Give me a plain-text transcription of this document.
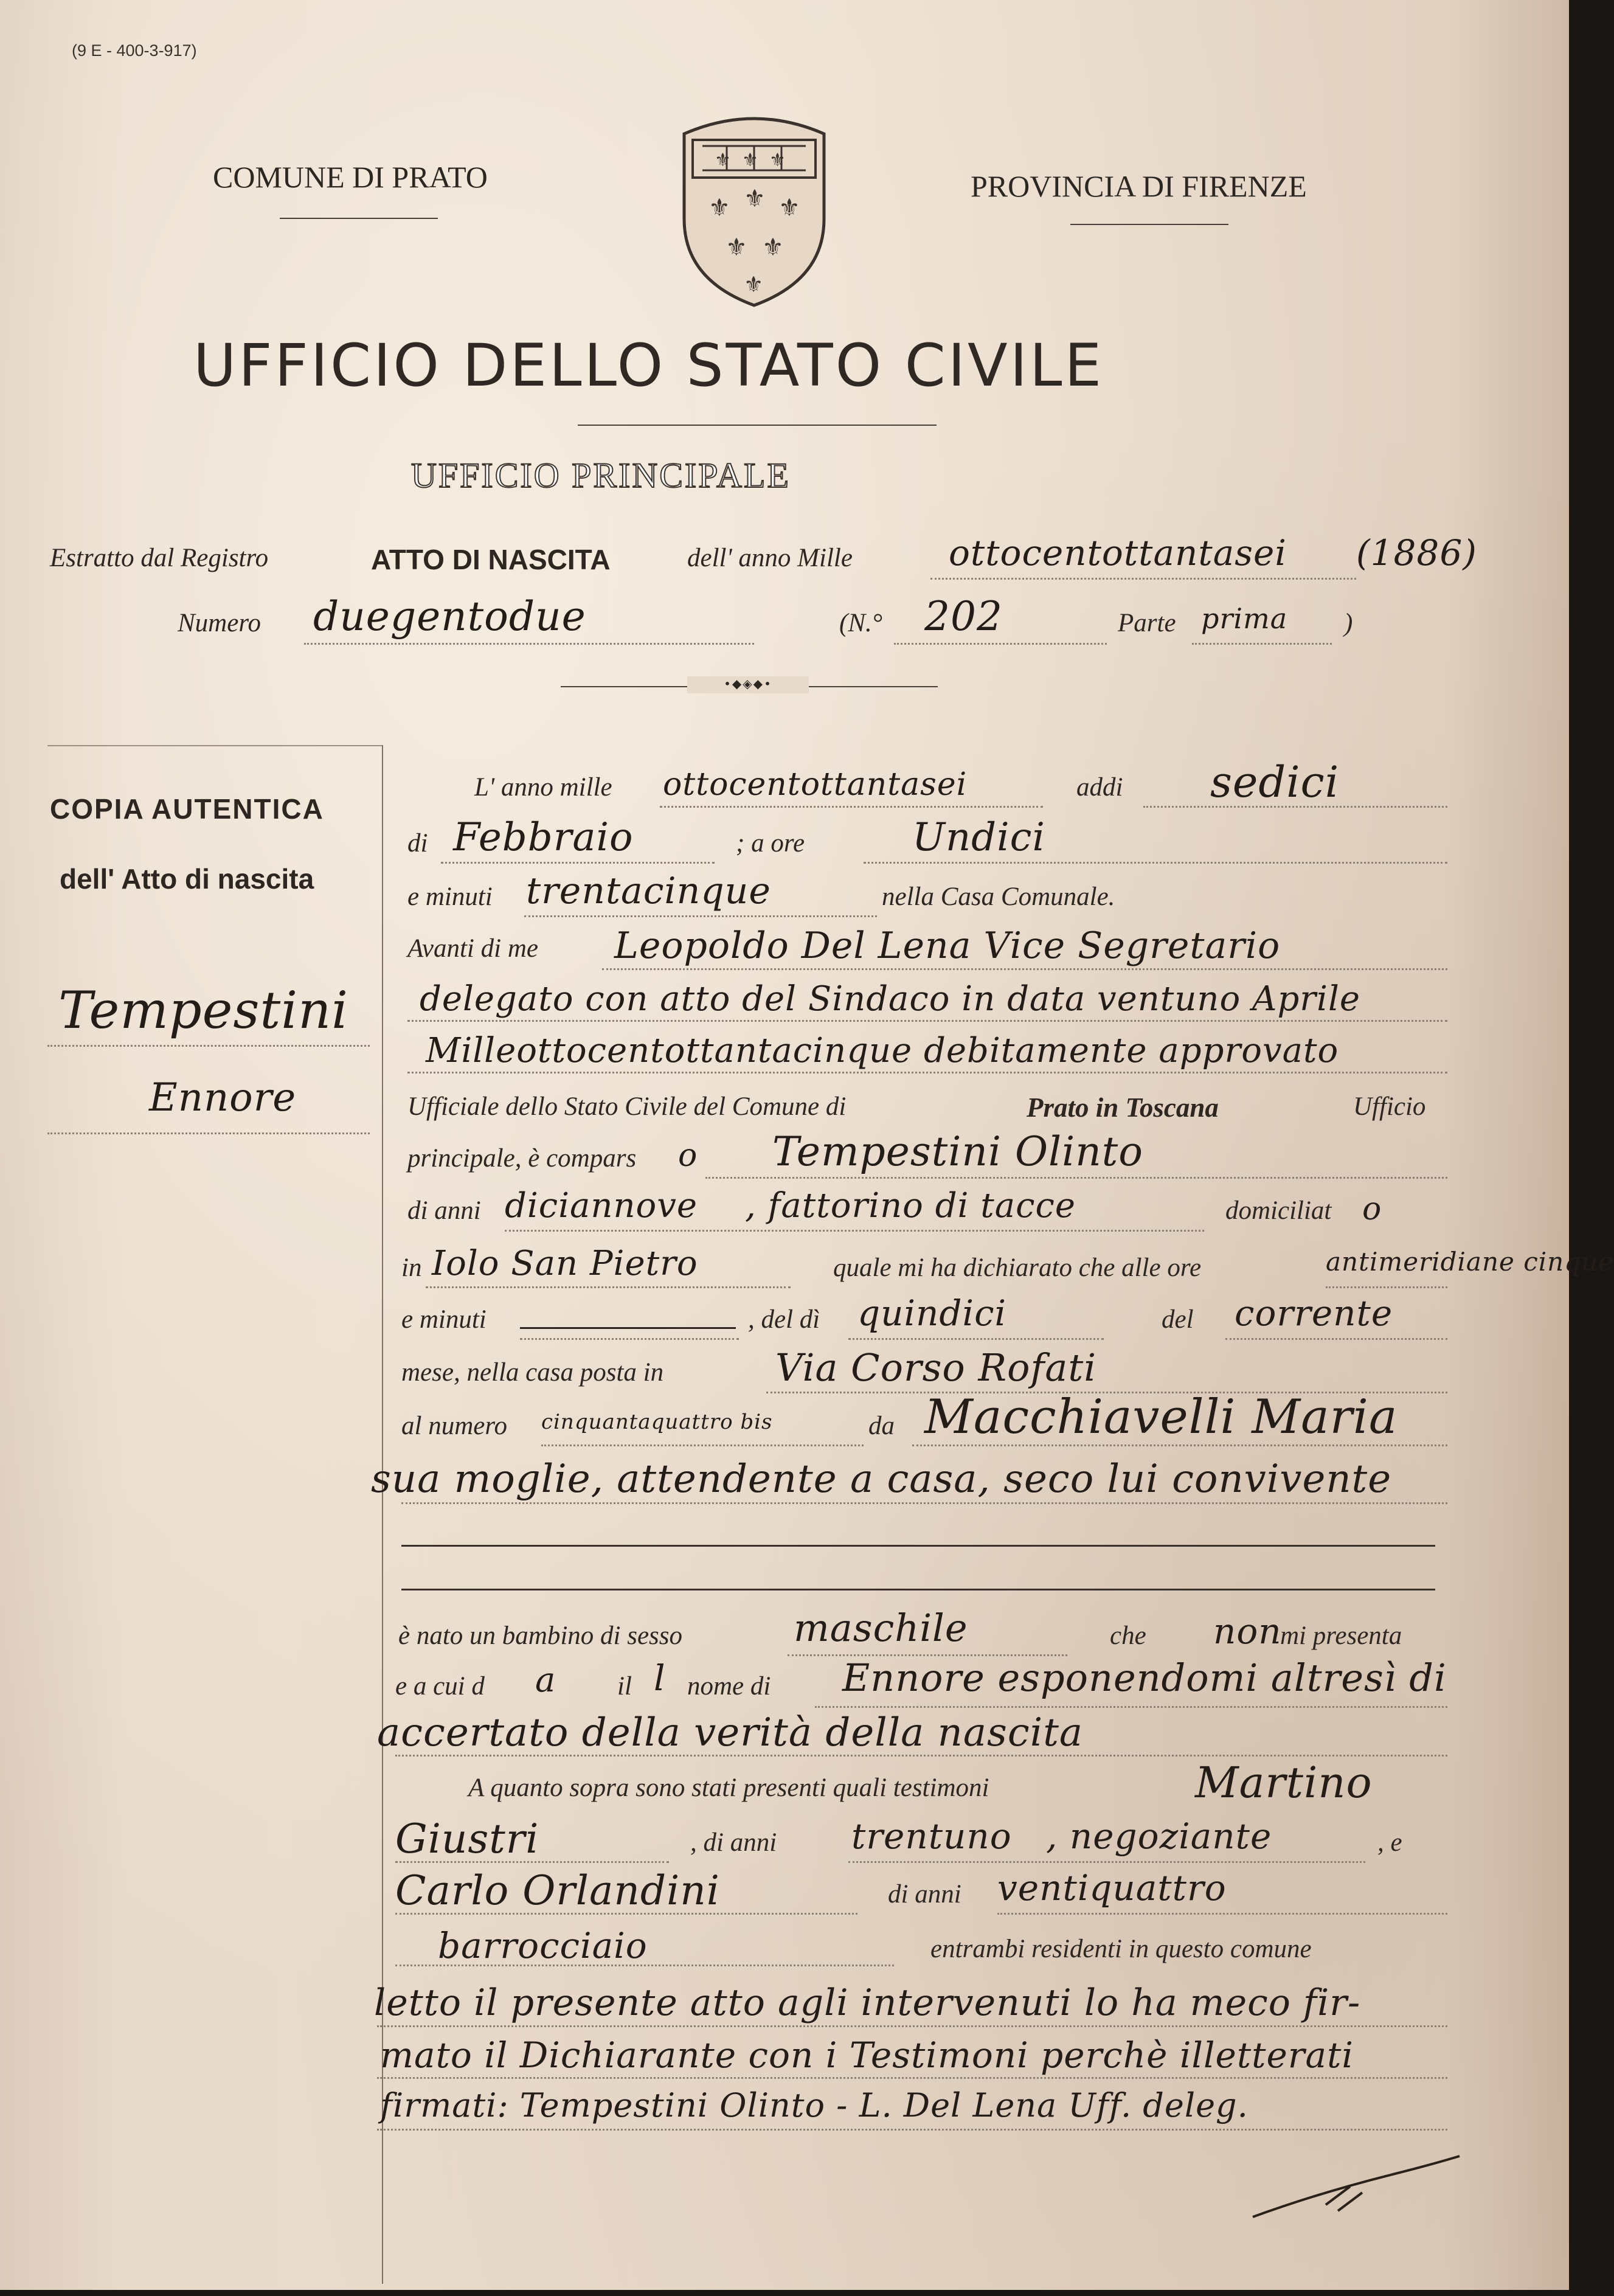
(9 E - 400-3-917)
COMUNE DI PRATO	PROVINCIA DI FIRENZE
⚜ ⚜ ⚜
⚜ ⚜ ⚜
⚜ ⚜
⚜
UFFICIO DELLO STATO CIVILE
UFFICIO PRINCIPALE
Estratto dal Registro	ATTO DI NASCITA	dell' anno Mille	ottocentottantasei (1886)
Numero duegentodue	(N.° 202	Parte prima )
•◆◈◆•
COPIA AUTENTICA
dell' Atto di nascita
Tempestini
Ennore
L' anno mille ottocentottantasei	addi sedici
di Febbraio	; a ore	Undici
e minuti trentacinque	nella Casa Comunale.
Avanti di me Leopoldo Del Lena Vice Segretario
delegato con atto del Sindaco in data ventuno Aprile
Milleottocentottantacinque debitamente approvato
Ufficiale dello Stato Civile del Comune di	Prato in Toscana	Ufficio
principale, è compars o Tempestini Olinto
di anni diciannove , fattorino di tacce	domiciliat o
in Iolo San Pietro	quale mi ha dichiarato che alle ore	antimeridiane cinque
e minuti	, del dì quindici	del corrente
mese, nella casa posta in	Via Corso Rofati
al numero cinquantaquattro bis	da Macchiavelli Maria
sua moglie, attendente a casa, seco lui convivente
è nato un bambino di sesso	maschile	che non
mi presenta
e a cui d a il l nome di Ennore esponendomi altresì di
accertato della verità della nascita
A quanto sopra sono stati presenti quali testimoni	Martino
Giustri	, di anni trentuno , negoziante	, e
Carlo Orlandini	di anni ventiquattro
barrocciaio	entrambi residenti in questo comune
letto il presente atto agli intervenuti lo ha meco fir-
mato il Dichiarante con i Testimoni perchè illetterati
firmati: Tempestini Olinto - L. Del Lena Uff. deleg.
